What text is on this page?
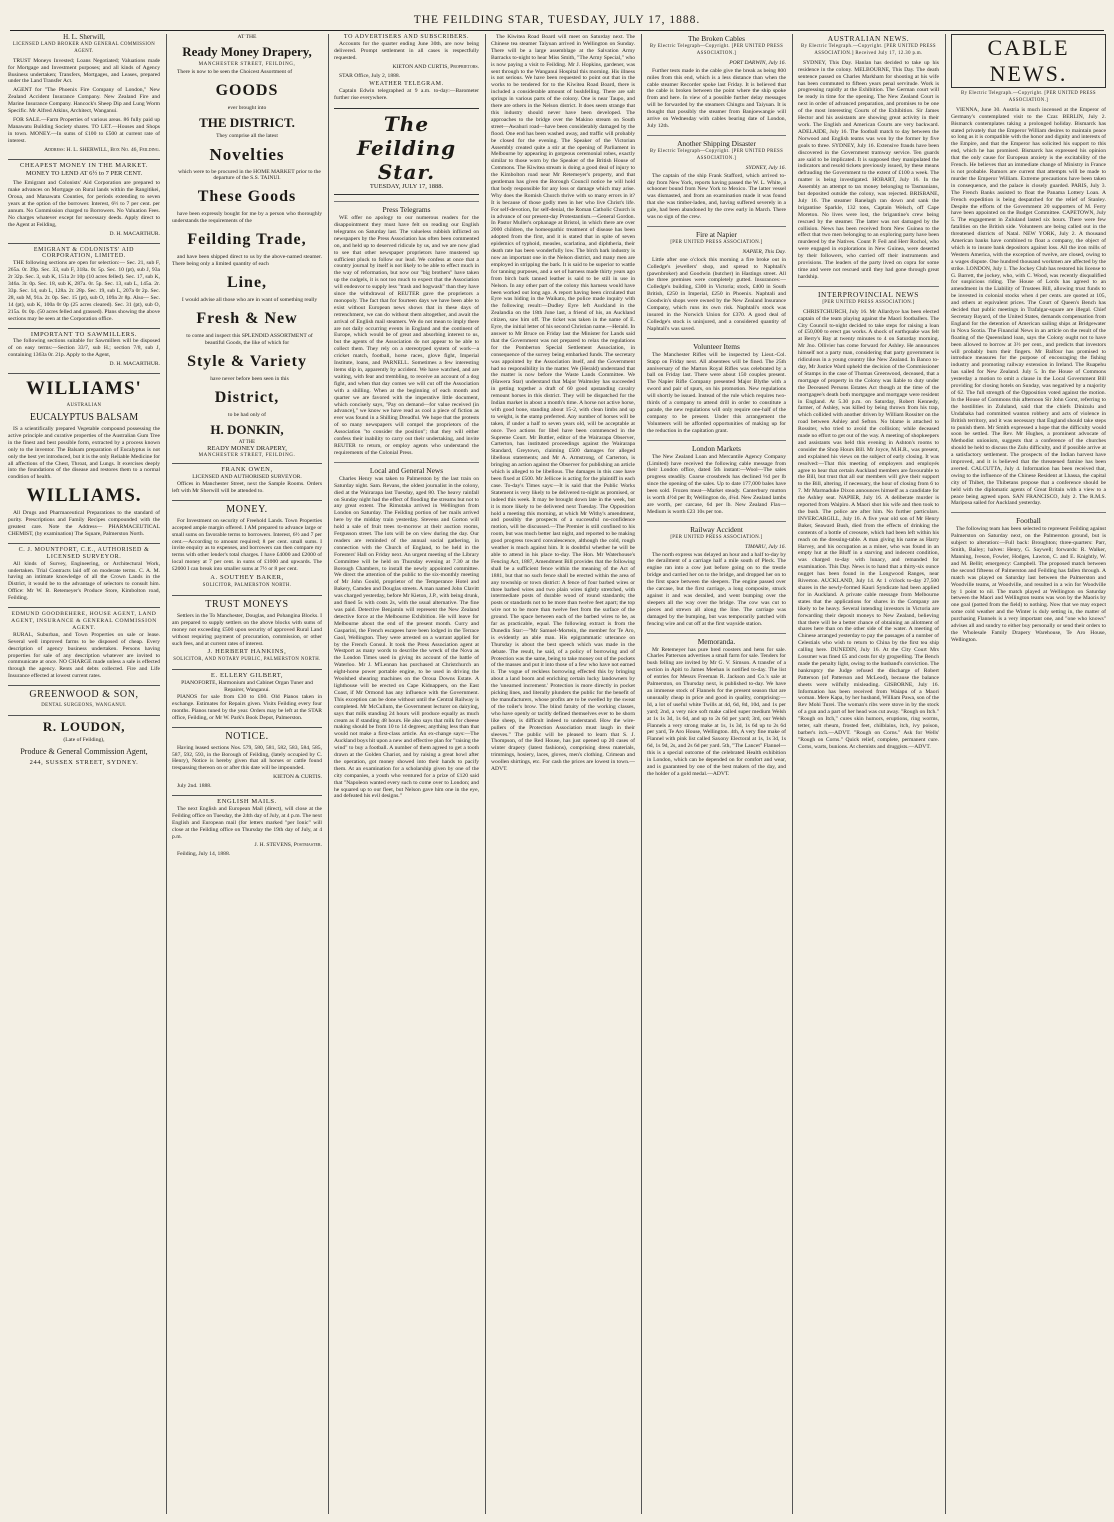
THE FEILDING STAR, TUESDAY, JULY 17, 1888.
H. L. Sherwill,
LICENSED LAND BROKER AND GENERAL COMMISSION AGENT.

TRUST Moneys Invested; Loans Negotiated; Valuations made for Mortgage and Investment purposes; and all kinds of Agency Business undertaken; Transfers, Mortgages, and Leases, prepared under the Land Transfer Act.

AGENT for "The Phoenix Fire Company of London," New Zealand Accident Insurance Company. New Zealand Fire and Marine Insurance Company. Hancock's Sheep Dip and Lung Worm Specific. Mr Alfred Atkins, Architect, Wanganui.

FOR SALE.—Farm Properties of various areas. 86 fully paid up Manawatu Building Society shares. TO LET.—Houses and Shops in town. MONEY.—In sums of £100 to £500 at current rate of interest.

Address: H. L. SHERWILL, Box No. 46, Feilding.

CHEAPEST MONEY IN THE MARKET.
MONEY TO LEND AT 6½ to 7 PER CENT.

The Emigrant and Colonists' Aid Corporation are prepared to make advances on Mortgage on Rural lands within the Rangitikei, Oroua, and Manawatu Counties, for periods extending to seven years at the option of the borrower. Interest, 6½ to 7 per cent. per annum. No Commission charged to Borrowers. No Valuation Fees. No charges whatever except for necessary deeds. Apply direct to the Agent at Feilding,

D. H. MACARTHUR.

EMIGRANT & COLONISTS' AID CORPORATION, LIMITED.

THE following sections are open for selection:— Sec. 21, sub F, 265a. 0r. 39p. Sec. 33, sub F, 318a. 0r. 5p. Sec. 10 (pt), sub J, 93a 2r 32p. Sec. 3, sub K, 151a 2r 10p (10 acres felled). Sec. 17, sub K, 346a. 3r. 0p. Sec. 18, sub K, 287a. 0r. 5p. Sec. 13, sub L, 145a. 2r. 33p. Sec. 14, sub L, 128a. 2r. 28p. Sec. 19, sub L, 207a 0r 2p. Sec. 28, sub M, 91a. 2r. 0p. Sec. 15 (pt), sub O, 109a 2r 8p. Also— Sec. 14 (pt), sub K, 100a 0r 0p (25 acres cleared). Sec. 31 (pt), sub O, 215a. 0r. 0p. (50 acres felled and grassed). Plans showing the above sections may be seen at the Corporation office.

IMPORTANT TO SAWMILLERS.

The following sections suitable for Sawmillers will be disposed of on easy terms:—Section 33/7, sub H.; section 7/8, sub J, containing 1363a 0r. 21p. Apply to the Agent,

D. H. MACARTHUR.

WILLIAMS'
AUSTRALIAN
EUCALYPTUS BALSAM

IS a scientifically prepared Vegetable compound possessing the active principle and curative properties of the Australian Gum Tree in the finest and best possible form, extracted by a process known only to the inventor. The Balsam preparation of Eucalyptus is not only the best yet introduced, but it is the only Reliable Medicine for all affections of the Chest, Throat, and Lungs. It exercises deeply into the foundations of the disease and restores them to a normal condition of health.

WILLIAMS.

All Drugs and Pharmaceutical Preparations to the standard of purity. Prescriptions and Family Recipes compounded with the greatest care. Note the Address— PHARMACEUTICAL CHEMIST, (by examination) The Square, Palmerston North.

C. J. MOUNTFORT, C.E., AUTHORISED & LICENSED SURVEYOR.

All kinds of Survey, Engineering, or Architectural Work, undertaken. Trial Contracts laid off on moderate terms. C. A. M. having an intimate knowledge of all the Crown Lands in the District, it would be to the advantage of selectors to consult him. Office: Mr W. B. Retemeyer's Produce Store, Kimbolton road, Feilding.

EDMUND GOODBEHERE, HOUSE AGENT, LAND AGENT, INSURANCE & GENERAL COMMISSION AGENT.

RURAL, Suburban, and Town Properties on sale or lease. Several well improved farms to be disposed of cheap. Every description of agency business undertaken. Persons having properties for sale of any description whatever are invited to communicate at once. NO CHARGE made unless a sale is effected through the agency. Rents and debts collected. Fire and Life Insurance effected at lowest current rates.

GREENWOOD & SON,
DENTAL SURGEONS, WANGANUI.
R. LOUDON,
(Late of Feilding),
Produce & General Commission Agent,
244, SUSSEX STREET, SYDNEY.
AT THE
Ready Money Drapery,
MANCHESTER STREET, FEILDING,

There is now to be seen the Choicest Assortment of

GOODS
ever brought into
THE DISTRICT.
They comprise all the latest
Novelties

which were to be procured in the HOME MARKET prior to the departure of the S.S. TAINUI.

These Goods

have been expressly bought for me by a person who thoroughly understands the requirements of the

Feilding Trade,

and have been shipped direct to us by the above-named steamer. There being only a limited quantity of each

Line,

I would advise all those who are in want of something really

Fresh & New

to come and inspect this SPLENDID ASSORTMENT of beautiful Goods, the like of which for

Style & Variety

have never before been seen in this

District,
to be had only of
H. DONKIN,
AT THE
READY MONEY DRAPERY,
MANCHESTER STREET, FEILDING.
FRANK OWEN,
LICENSED AND AUTHORISED SURVEYOR.

Offices in Manchester Street, next the Sample Rooms. Orders left with Mr Sherwill will be attended to.

MONEY.

For Investment on security of Freehold Lands. Town Properties accepted ample margin offered. I AM prepared to advance large or small sums on favorable terms to borrowers. Interest, 6½ and 7 per cent.—According to amount required; 8 per cent. small sums. I invite enquiry as to expenses, and borrowers can then compare my terms with other lender's total charges. I have £4000 and £2000 of local money at 7 per cent. in sums of £1000 and upwards. The £2000 I can break into smaller sums at 7½ or 8 per cent.

A. SOUTHEY BAKER,
SOLICITOR, PALMERSTON NORTH.
TRUST MONEYS

Settlers in the To Manchester, Douglas, and Pohangina Blocks. I am prepared to supply settlers on the above blocks with sums of money not exceeding £500 upon security of approved Rural Land without requiring payment of procuration, commission, or other such fees, and at current rates of interest.

J. HERBERT HANKINS,
SOLICITOR, AND NOTARY PUBLIC, PALMERSTON NORTH.
E. ELLERY GILBERT,
PIANOFORTE, Harmonium and Cabinet Organ Tuner and Repairer, Wanganui.

PIANOS for sale from £30 to £60. Old Pianos taken in exchange. Estimates for Repairs given. Visits Feilding every four months. Pianos tuned by the year. Orders may be left at the STAR office, Feilding, or Mr W. Park's Book Depot, Palmerston.

NOTICE.

Having leased sections Nos. 579, 580, 581, 582, 583, 584, 585, 587, 592, 593, in the Borough of Feilding, (lately occupied by C. Henry), Notice is hereby given that all horses or cattle found trespassing thereon on or after this date will be impounded.

KIETON & CURTIS.

July 2nd. 1888.

ENGLISH MAILS.

The next English and European Mail (direct), will close at the Feilding office on Tuesday, the 24th day of July, at 4 p.m. The next English and European mail (for letters marked "per Ionic" will close at the Feilding office on Thursday the 19th day of July, at 4 p.m.

J. H. STEVENS, Postmaster.

Feilding, July 14, 1888.

TO ADVERTISERS AND SUBSCRIBERS.

Accounts for the quarter ending June 30th, are now being delivered. Prompt settlement in all cases is respectfully requested.

KIETON AND CURTIS, Proprietors.

STAR Office, July 2, 1888.

WEATHER TELEGRAM.

Captain Edwin telegraphed at 9 a.m. to-day:—Barometer further rise everywhere.

The Feilding Star.
TUESDAY, JULY 17, 1888.
Press Telegrams

WE offer no apology to our numerous readers for the disappointment they must have felt on reading our English telegrams on Saturday last. The valueless rubbish inflicted on newspapers by the Press Association has often been commented on, and held up to deserved ridicule by us, and we are now glad to see that other newspaper proprietors have mustered up sufficient pluck to follow our lead. We confess at once that a country journal by itself is not likely to be able to effect much in the way of reformation, but now our "big brothers" have taken up the cudgels, it is not too much to expect that the Association will endeavor to supply less "trash and hogwash" than they have since the withdrawal of REUTER gave the proprietors a monopoly. The fact that for fourteen days we have been able to exist without European news shows that in these days of retrenchment, we can do without them altogether, and await the arrival of English mail steamers. We do not mean to imply there are not daily occurring events in England and the continent of Europe, which would be of great and absorbing interest to us, but the agents of the Association do not appear to be able to collect them. They rely on a stereotyped system of work—a cricket match, football, horse races, glove fight, Imperial Institute, loans, and PARNELL. Sometimes a few interesting items slip in, apparently by accident. We have watched, and are waiting, with fear and trembling, to receive an account of a dog fight, and when that day comes we will cut off the Association with a shilling. When at the beginning of each month and quarter we are favored with the imperative little document, which concisely says, "Pay on demand—for value received (in advance)," we know we have read as cool a piece of fiction as ever was found in a Shilling Dreadful. We hope that the protests of so many newspapers will compel the proprietors of the Association "to consider the position"; that they will either confess their inability to carry out their undertaking, and invite REUTER to return, or employ agents who understand the requirements of the Colonial Press.

Local and General News

Charles Henry was taken to Palmerston by the last train on Saturday night. Sam. Revans, the oldest journalist in the colony, died at the Wairarapa last Tuesday, aged 80. The heavy rainfall on Sunday night had the effect of flooding the streams but not to any great extent. The Rimutaka arrived in Wellington from London on Saturday. The Feilding portion of her mails arrived here by the midday train yesterday. Stevens and Gorton will hold a sale of fruit trees to-morrow at their auction rooms, Fergusson street. The lots will be on view during the day. Our readers are reminded of the annual social gathering, in connection with the Church of England, to be held in the Foresters' Hall on Friday next. An urgent meeting of the Library Committee will be held on Thursday evening at 7.30 at the Borough Chambers, to install the newly appointed committee. We direct the attention of the public to the six-monthly meeting of Mr John Gould, proprietor of the Temperance Hotel and Bakery, Camden and Douglas streets. A man named John Clavitt was charged yesterday, before Mr Kieton, J.P., with being drunk, and fined 5s with costs 2s, with the usual alternative. The fine was paid. Detective Benjamin will represent the New Zealand detective force at the Melbourne Exhibition. He will leave for Melbourne about the end of the present month. Curry and Gasparini, the French escapees have been lodged in the Terrace Gaol, Wellington. They were arrested on a warrant applied for by the French Consul. It took the Press Association agent at Westport as many words to describe the wreck of the Nova as the London Times used in giving its account of the battle of Waterloo. Mr J. M'Lennan has purchased at Christchurch an eight-horse power portable engine, to be used in driving the Woolshed shearing machines on the Oroua Downs Estate. A lighthouse will be erected on Cape Kidnappers, on the East Coast, if Mr Ormond has any influence with the Government. This exception can be done without until the Central Railway is completed. Mr McCullum, the Government lecturer on dairying, says that milk standing 24 hours will produce equally as much cream as if standing 48 hours. He also says that milk for cheese making should be from 10 to 14 degrees; anything less than that would not make a first-class article. An ex-change says:—The Auckland boys hit upon a new and effective plan for "raising the wind" to buy a football. A number of them agreed to get a tooth drawn at the Golden Chariot, and by raising a great howl after the operation, got money showed into their hands to pacify them. At an examination for a scholarship given by one of the city companies, a youth who ventured for a prize of £120 said that "Napoleon wanted every such to come over to London; and he squared up to our fleet, but Nelson gave him one in the eye, and defeated his evil designs."

The Kiwitea Road Board will meet on Saturday next. The Chinese tea steamer Taiyuan arrived in Wellington on Sunday. There will be a large assemblage at the Salvation Army Barracks to-night to hear Miss Smith, "The Army Special," who is now paying a visit to Feilding. Mr J. Hopkins, gardener, was sent through to the Wanganui Hospital this morning. His illness is not serious. We have been requested to point out that in the works to be tendered for to the Kiwitea Road Board, there is included a considerable amount of bushfelling. There are salt springs in various parts of the colony. One is near Taupo, and there are others in the Nelson district. It does seem strange that this industry should never have been developed. The approaches to the bridge over the Makino stream on South street—Awahuri road—have been considerably damaged by the flood. One end has been washed away, and traffic will probably be closed for the evening. The Speaker of the Victorian Assembly created quite a stir at the opening of Parliament in Melbourne by appearing in gorgeous ceremonial robes, exactly similar to those worn by the Speaker of the British House of Commons. The Kiwitea stream is doing a good deal of injury to the Kimbolton road near Mr Retemeyer's property, and that gentleman has given the Borough Council notice he will hold that body responsible for any loss or damage which may arise. Why does the Romish Church thrive with so many errors in it? It is because of those godly men in her who live Christ's life. For self-devotion, for self-denial, the Roman Catholic Church is in advance of our present-day Protestantism.—General Gordon. In Pastor Muller's orphanage at Bristol, in which there are over 2000 children, the homeopathic treatment of disease has been adopted from the first, and it is stated that in spite of seven epidemics of typhoid, measles, scarlatina, and diphtheria, their death rate has been wonderfully low. The birch bark industry is now an important one in the Nelson district, and many men are employed in stripping the bark. It is said to be superior to wattle for tanning purposes, and a set of harness made thirty years ago from birch bark tanned leather is said to be still in use in Nelson. In any other part of the colony this harness would have been worked out long ago. A report having been circulated that Eyre was hiding in the Waikato, the police made inquiry with the following result:—Dudley Eyre left Auckland in the Zealandia on the 18th June last, a friend of his, an Auckland citizen, saw him off. The ticket was taken in the name of E. Eyre, the initial letter of his second Christian name.—Herald. In answer to Mr Bruce on Friday last the Minister for Lands said that the Government was not prepared to relax the regulations for the Pomberton Special Settlement Association, in consequence of the survey being embarked funds. The secretary was appointed by the Association itself, and the Government had no responsibility in the matter. We (Herald) understand that the matter is now before the Waste Lands Committee. We (Hawera Star) understand that Major Walmsley has succeeded in getting together a draft of 60 good upstanding cavalry remount horses in this district. They will be dispatched for the Indian market in about a month's time. A horse not active horse, with good bone, standing about 15-2, with clean limbs and up to weight, is the stamp preferred. Any number of horses will be taken, if under a half to seven years old, will be acceptable at once. Two actions for libel have been commenced in the Supreme Court. Mr Buttler, editor of the Wairarapa Observer, Carterton, has instituted proceedings against the Wairarapa Standard, Greytown, claiming £500 damages for alleged libellous statements; and Mr A. Armstrong, of Carterton, is bringing an action against the Observer for publishing an article which is alleged to be libellous. The damages in this case have been fixed at £500. Mr Jellicoe is acting for the plaintiff in each case. To-day's Times says:—It is said that the Public Works Statement is very likely to be delivered to-night as promised, or indeed this week. It may be brought down late in the week, but it is more likely to be delivered next Tuesday. The Opposition hold a meeting this morning, at which Mr Withy's amendment, and possibly the prospects of a successful no-confidence motion, will be discussed.—The Premier is still confined to his room, but was much better last night, and reported to be making good progress toward convalescence, although the cold, rough weather is much against him. It is doubtful whether he will be able to attend in his place to-day. The Hon. Mr Waterhouse's Fencing Act, 1887, Amendment Bill provides that the following shall be a sufficient fence within the meaning of the Act of 1881, but that no such fence shall be erected within the area of any township or town district: A fence of four barbed wires or three barbed wires and two plain wires tightly stretched, with intermediate posts of durable wood of round standards; the posts or standards not to be more than twelve feet apart; the top wire not to be more than twelve feet from the surface of the ground. The space between each of the barbed wires to be, as far as practicable, equal. The following extract is from the Dunedin Star:—"Mr Samuel-Mortein, the member for Te Aro, is evidently an able man. His epigrammatic utterance on Thursday is about the best speech which was made in the debate. The result, he said, of a policy of borrowing and of Protection was the same, being to take money out of the pockets of the masses and put it into those of a few who have not earned it. The vogue of reckless borrowing effected this by bringing about a land boom and enriching certain lucky landowners by the 'unearned increment.' Protection is more directly in pocket picking lines, and literally plunders the public for the benefit of the manufacturers, whose profits are to be swelled by the sweat of the toiler's brow. The blind fatuity of the working classes, who have openly or tacitly defined themselves ever to be shorn like sheep, is difficult indeed to understand. How the wire-pullers of the Protection Association must laugh in their sleeves." The public will be pleased to learn that S. J. Thompson, of the Red House, has just opened up 20 cases of winter drapery (latest fashions), comprising dress materials, trimmings, hosiery, laces, gloves, men's clothing. Crimean and woollen shirtings, etc. For cash the prices are lowest in town.—ADVT.

The Broken Cables
By Electric Telegraph—Copyright. [PER UNITED PRESS ASSOCIATION.]
PORT DARWIN, July 16.

Further tests made in the cable give the break as being 800 miles from this end, which is a less distance than when the cable steamer Recorder spoke last Friday. It is believed that the cable is broken between the point where the ship spoke from and here. In view of a possible further delay messages will be forwarded by the steamers Chingtu and Taiyuan. It is thought that possibly the steamer from Banjoewangie will arrive on Wednesday with cables bearing date of London, July 12th.

Another Shipping Disaster
By Electric Telegraph—Copyright. [PER UNITED PRESS ASSOCIATION.]
SYDNEY, July 16.

The captain of the ship Frank Stafford, which arrived to-day from New York, reports having passed the W. L. White, a schooner bound from New York to Mexico. The latter vessel was dismasted, and from an examination made it was found that she was timber-laden, and, having suffered severely in a gale, had been abandoned by the crew early in March. There was no sign of the crew.

Fire at Napier
[PER UNITED PRESS ASSOCIATION.]
NAPIER, This Day.

Little after one o'clock this morning a fire broke out in Colledge's jewellers' shop, and spread to Naphtali's (pawnbroker) and Goodwin (butcher) in Hastings street. All the three premises were completely gutted. Insurances:—Colledge's building, £300 in Victoria; stock, £400 in South British, £250 in Imperial, £250 in Phoenix. Naphtali and Goodwin's shops were owned by the New Zealand Insurance Company, which runs its own risk. Naphtali's stock was insured in the Norwich Union for £370. A good deal of Colledge's stock is uninjured, and a considered quantity of Naphtali's was saved.

Volunteer Items

The Manchester Rifles will be inspected by Lieut.-Col. Stapp on Friday next. All absentees will be fined. The 25th anniversary of the Marton Royal Rifles was celebrated by a ball on Friday last. There were about 150 couples present. The Napier Rifle Company presented Major Blythe with a sword and pair of spurs, on his promotion. New regulations will shortly be issued. Instead of the rule which requires two-thirds of a company to attend drill in order to constitute a parade, the new regulations will only require one-half of the company to be present. Under this arrangement the Volunteers will be afforded opportunities of making up for the reduction in the capitation grant.

London Markets

The New Zealand Loan and Mercantile Agency Company (Limited) have received the following cable message from their London office, dated 5th instant:—Wool—The sales progress steadily. Coarse crossbreds has declined ½d per lb since the opening of the sales. Up to date 177,000 bales have been sold. Frozen meat—Market steady. Canterbury mutton is worth 4½d per lb; Wellington do, 4¼d. New Zealand lambs are worth, per carcase, 6d per lb. New Zealand Flax—Medium is worth £23 10s per ton.

Railway Accident
[PER UNITED PRESS ASSOCIATION.]
TIMARU, July 16.

The north express was delayed an hour and a half to-day by the derailment of a carriage half a mile south of Pleck. The engine ran into a cow just before going on to the trestle bridge and carried her on to the bridge, and dropped her on to the first space between the sleepers. The engine passed over the carcase, but the first carriage, a long composite, struck against it and was derailed, and went bumping over the sleepers all the way over the bridge. The cow was cut to pieces and strewn all along the line. The carriage was damaged by the bumping, but was temporarily patched with fencing wire and cut off at the first wayside station.

Memoranda.

Mr Retemeyer has pure bred roosters and hens for sale. Charles Patterson advertises a small farm for sale. Tenders for bush felling are invited by Mr G. V. Simson. A transfer of a section in Apiti to James Meehan is notified to-day. The list of entries for Messrs Freeman R. Jackson and Co.'s sale at Palmerston, on Thursday next, is published to-day. We have an immense stock of Flannels for the present season that are unusually cheap in price and good in quality, comprising:—Id, a lot of useful white Twills at 4d, 6d, 8d, 10d, and 1s per yard; 2nd, a very nice soft make called super medium Welsh at 1s 1s 3d, 1s 6d, and up to 2s 6d per yard; 3rd, our Welsh Flannels a very strong make at 1s, 1s 3d, 1s 6d up to 2s 6d per yard, Te Aro House, Wellington. 4th, A very fine make of Flannel with pink list called Saxony Electoral at 1s, 1s 3d, 1s 6d, 1s 9d, 2s, and 2s 6d per yard. 5th, "The Lancet" Flannel—this is a special outcome of the celebrated Health exhibition in London, which can be depended on for comfort and wear, and is guaranteed by one of the best makers of the day, and the holder of a gold medal.—ADVT.

AUSTRALIAN NEWS.
By Electric Telegraph.—Copyright. [PER UNITED PRESS ASSOCIATION.] Received July 17, 12.30 p.m.

SYDNEY, This Day. Hanlan has decided to take up his residence in the colony. MELBOURNE, This Day. The death sentence passed on Charles Markham for shooting at his wife has been commuted to fifteen years penal servitude. Work is progressing rapidly at the Exhibition. The German court will be ready in time for the opening. The New Zealand Court is next in order of advanced preparation, and promises to be one of the most interesting Courts of the Exhibition. Sir James Hector and his assistants are showing great activity in their work. The English and American Courts are very backward. ADELAIDE, July 16. The football match to day between the Norwood and English teams was won by the former by five goals to three. SYDNEY, July 16. Extensive frauds have been discovered in the Government tramway service. Ten guards are said to be implicated. It is supposed they manipulated the indicators and resold tickets previously issued, by these means defrauding the Government to the extent of £100 a week. The matter is being investigated. HOBART, July 16. In the Assembly an attempt to tax money belonging to Tasmanians, but deposited outside the colony, was rejected. BRISBANE, July 16. The steamer Ranelagh ran down and sank the brigantine Sparkle, 132 tons, Captain Welsch, off Cape Moreton. No lives were lost, the brigantine's crew being rescued by the steamer. The latter was not damaged by the collision. News has been received from New Guinea to the effect that two men belonging to an exploring party have been murdered by the Natives. Count P. Feil and Herr Rochol, who were engaged in explorations in New Guinea, were deserted by their followers, who carried off their instruments and provisions. The leaders of the party lived on copra for some time and were not rescued until they had gone through great hardship.

INTERPROVINCIAL NEWS
[PER UNITED PRESS ASSOCIATION.]

CHRISTCHURCH, July 16. Mr Allardyce has been elected captain of the team playing against the Maori footballers. The City Council to-night decided to take steps for raising a loan of £50,000 to erect gas works. A shock of earthquake was felt at Berry's Bay at twenty minutes to 4 on Saturday morning. Mr Jno. Ollivier has come forward for Ashley. He announces himself not a party man, considering that party government is ridiculous in a young country like New Zealand. In Banco to-day, Mr Justice Ward upheld the decision of the Commissioner of Stamps in the case of Thomas Greenwood, deceased, that a mortgage of property in the Colony was liable to duty under the Deceased Persons Estates Act though at the time of the mortgagee's death both mortgagee and mortgage were resident in England. At 5.30 p.m. on Saturday, Robert Kennedy, farmer, of Ashley, was killed by being thrown from his trap, which collided with another driven by William Rossiter on the road between Ashley and Sefton. No blame is attached to Rossiter, who tried to avoid the collision; while deceased made no effort to get out of the way. A meeting of shopkeepers and assistants was held this evening in Ashton's rooms to consider the Shop Hours Bill. Mr Joyce, M.H.R., was present, and explained his views on the subject of early closing. It was resolved:—That this meeting of employers and employés agree to hear that certain Auckland members are favourable to the Bill, but trust that all our members will give their support to the Bill, altering, if necessary, the hour of closing from 6 to 7. Mr Marmaduke Dixon announces himself as a candidate for the Ashley seat. NAPIER, July 16. A deliberate murder is reported from Waipiro. A Maori shot his wife and then took to the bush. The police are after him. No further particulars. INVERCARGILL, July 16. A five year old son of Mr Henry Baker, Seaward Bush, died from the effects of drinking the contents of a bottle of creosote, which had been left within his reach on the dressing-table. A man giving his name as Harry Harvey, and his occupation as a miner, who was found in an empty hut at the Bluff in a starving and indecent condition, was charged to-day with lunacy, and remanded for examination. This Day. News is to hand that a thirty-six ounce nugget has been found in the Longwood Ranges, near Riverton. AUCKLAND, July 14. At 1 o'clock to-day 27,500 shares in the newly-formed Kauri Syndicate had been applied for in Auckland. A private cable message from Melbourne states that the applications for shares in the Company are likely to be heavy. Several intending investors in Victoria are forwarding their deposit moneys to New Zealand, believing that there will be a better chance of obtaining an allotment of shares here than on the other side of the water. A meeting of Chinese arranged yesterday to pay the passages of a number of Celestials who wish to return to China by the first tea ship calling here. DUNEDIN, July 16. At the City Court Mrs Lossmer was fined £5 and costs for sly grogselling. The Bench made the penalty light, owing to the husband's conviction. The bankruptcy the Judge refused the discharge of Robert Patterson (of Patterson and McLeod), because the balance sheets were wilfully misleading. GISBORNE, July 16. Information has been received from Waiapu of a Maori woman. Mere Kapa, by her husband, William Pawa, son of the Rev Mohi Turei. The woman's ribs were stove in by the stock of a gun and a part of her head was cut away. "Rough on Itch." "Rough on Itch," cures skin humors, eruptions, ring worms, tetter, salt rheum, frosted feet, chilblains, itch, ivy poison, barber's itch.—ADVT. "Rough on Corns." Ask for Wells' "Rough on Corns." Quick relief, complete, permanent cure. Corns, warts, bunions. At chemists and druggists.—ADVT.

CABLE NEWS.
By Electric Telegraph.—Copyright. [PER UNITED PRESS ASSOCIATION.]

VIENNA, June 30. Austria is much incensed at the Emperor of Germany's contemplated visit to the Czar. BERLIN, July 2. Bismarck contemplates taking a prolonged holiday. Bismarck has stated privately that the Emperor William desires to maintain peace so long as it is compatible with the honor and dignity and interests of the Empire, and that the Emperor has solicited his support to this end, which he has promised. Bismarck has expressed his opinion that the only cause for European anxiety is the excitability of the French. He believes that an immediate change of Ministry in France is not probable. Rumors are current that attempts will be made to murder the Emperor William. Extreme precautions have been taken in consequence, and the palace is closely guarded. PARIS, July 3. The French Banks assisted to float the Panama Lottery Loan. A French expedition is being despatched for the relief of Stanley. Despite the efforts of the Government 20 supporters of M. Ferry have been appointed on the Budget Committee. CAPETOWN, July 5. The engagement in Zululand lasted six hours. There were few fatalities on the British side. Volunteers are being called out in the threatened districts of Natal. NEW YORK, July 2. A thousand American banks have combined to float a company, the object of which is to insure bank depositors against loss. All the iron mills of Western America, with the exception of twelve, are closed, owing to a wages dispute. One hundred thousand workmen are affected by the strike. LONDON, July 1. The Jockey Club has restored his license to G. Barrett, the jockey, who, with C. Wood, was recently disqualified for suspicious riding. The House of Lords has agreed to an amendment in the Liability of Trustees Bill, allowing trust funds to be invested in colonial stocks when 4 per cents. are quoted at 105, and others at equivalent prices. The Court of Queen's Bench has decided that public meetings in Trafalgar-square are illegal. Chief Secretary Bayard, of the United States, demands compensation from England for the detention of American sailing ships at Bridgewater in Nova Scotia. The Financial News in an article on the result of the floating of the Queensland loan, says the Colony ought not to have been allowed to borrow at 3½ per cent., and predicts that investors will probably burn their fingers. Mr Balfour has promised to introduce measures for the purpose of encouraging the fishing industry and promoting railway extension in Ireland. The Ruapehu has sailed for New Zealand. July 5. In the House of Commons yesterday a motion to omit a clause in the Local Government Bill providing for closing hotels on Sunday, was negatived by a majority of 62. The full strength of the Opposition voted against the motion. In the House of Commons this afternoon Sir John Gorst, referring to the hostilities in Zululand, said that the chiefs Dinizulu and Undabaka had committed wanton robbery and acts of violence in British territory, and it was necessary that England should take steps to punish them. Mr Smith expressed a hope that the difficulty would soon be settled. The Rev. Mr Hughes, a prominent advocate of Methodist unionism, suggests that a conference of the churches should be held to discuss the Zulu difficulty, and if possible arrive at a satisfactory settlement. The prospects of the Indian harvest have improved, and it is believed that the threatened famine has been averted. CALCUTTA, July 4. Information has been received that, owing to the influence of the Chinese Resident at Lhassa, the capital city of Thibet, the Thibetans propose that a conference should be held with the diplomatic agents of Great Britain with a view to a peace being agreed upon. SAN FRANCISCO, July 2. The R.M.S. Mariposa sailed for Auckland yesterday.

Football

The following team has been selected to represent Feilding against Palmerston on Saturday next, on the Palmerston ground, but is subject to alteration:—Full back: Broughton; three-quarters: Parr, Smith, Bailey; halves: Henry, G. Saywell; forwards: R. Walker, Manning, Iveson, Fowler, Hodges, Lawton, C. and E. Knightly, W. and M. Bellit; emergency: Campbell. The proposed match between the second fifteens of Palmerston and Feilding has fallen through. A match was played on Saturday last between the Palmerston and Woodville teams, at Woodville, and resulted in a win for Woodville by 1 point to nil. The match played at Wellington on Saturday between the Maori and Wellington teams was won by the Maoris by one goal (potted from the field) to nothing. Now that we may expect some cold weather and the Winter is duly setting in, the matter of purchasing Flannels is a very important one, and "one who knows" advises all and sundry to either buy personally or send their orders to the Wholesale Family Drapery Warehouse, Te Aro House, Wellington.
